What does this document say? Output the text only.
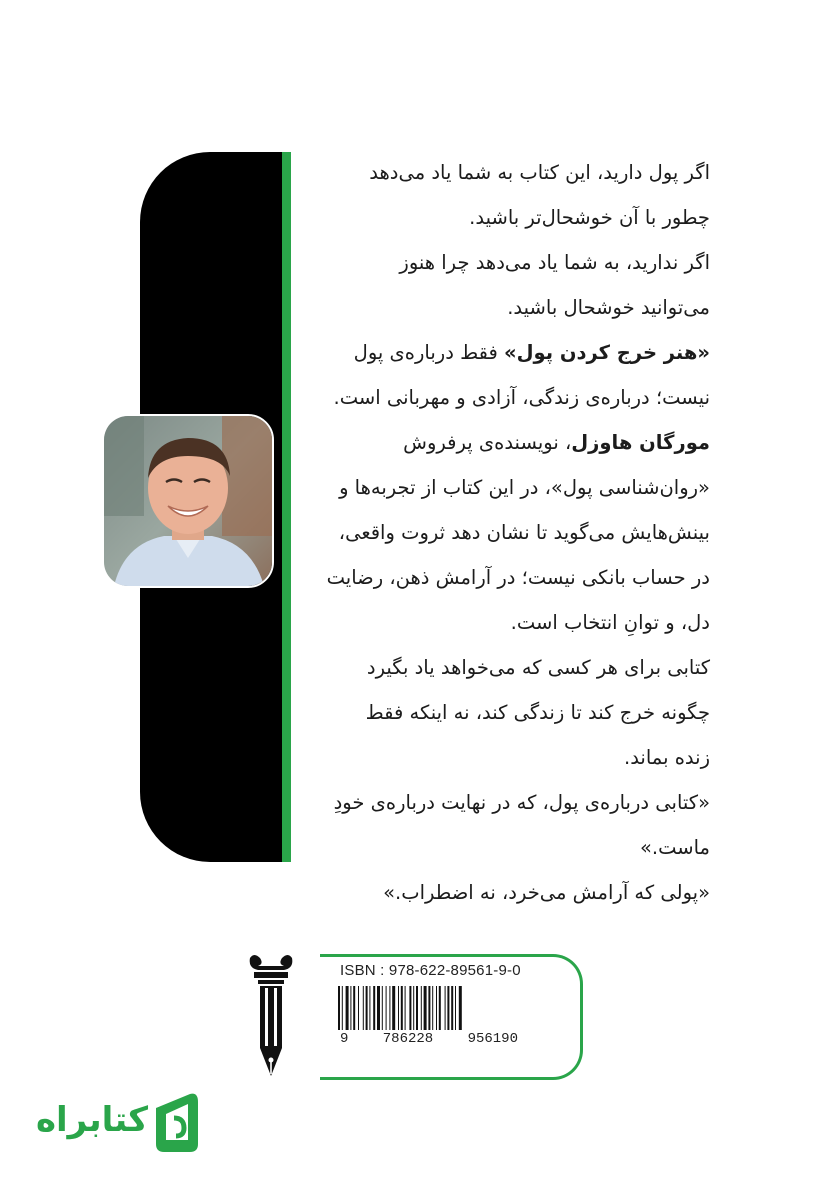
اگر پول دارید، این کتاب به شما یاد می‌دهد

چطور با آن خوشحال‌تر باشید.

اگر ندارید، به شما یاد می‌دهد چرا هنوز

می‌توانید خوشحال باشید.

«هنر خرج کردن پول» فقط درباره‌ی پول

نیست؛ درباره‌ی زندگی، آزادی و مهربانی است.

مورگان هاوزل، نویسنده‌ی پرفروش

«روان‌شناسی پول»، در این کتاب از تجربه‌ها و

بینش‌هایش می‌گوید تا نشان دهد ثروت واقعی،

در حساب بانکی نیست؛ در آرامش ذهن، رضایت

دل، و توانِ انتخاب است.

کتابی برای هر کسی که می‌خواهد یاد بگیرد

چگونه خرج کند تا زندگی کند، نه اینکه فقط

زنده بماند.

«کتابی درباره‌ی پول، که در نهایت درباره‌ی خودِ

ماست.»

«پولی که آرامش می‌خرد، نه اضطراب.»

ISBN : 978-622-89561-9-0
9 786228 956190
کتابراه
